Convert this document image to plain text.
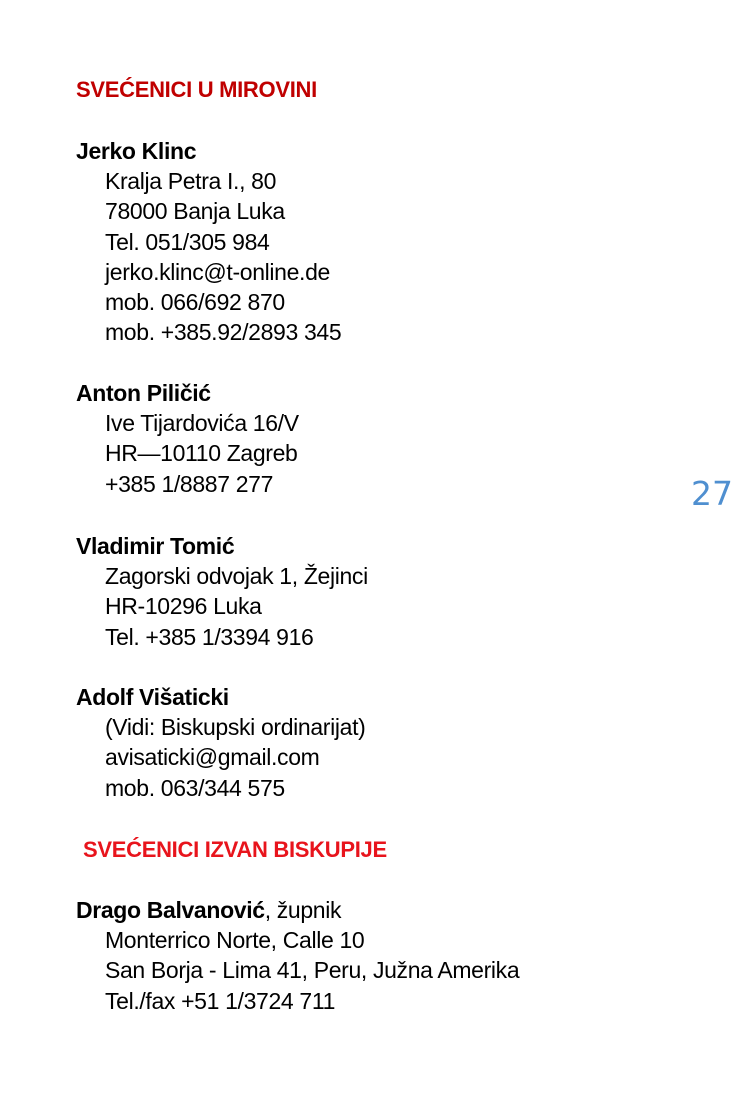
SVEĆENICI U MIROVINI
Jerko Klinc
Kralja Petra I., 80
78000 Banja Luka
Tel. 051/305 984
jerko.klinc@t-online.de
mob. 066/692 870
mob. +385.92/2893 345
Anton Piličić
Ive Tijardovića 16/V
HR—10110 Zagreb
+385 1/8887 277	27
Vladimir Tomić
Zagorski odvojak 1, Žejinci
HR-10296 Luka
Tel. +385 1/3394 916
Adolf Višaticki
(Vidi: Biskupski ordinarijat)
avisaticki@gmail.com
mob. 063/344 575
SVEĆENICI IZVAN BISKUPIJE
Drago Balvanović, župnik
Monterrico Norte, Calle 10
San Borja - Lima 41, Peru, Južna Amerika
Tel./fax +51 1/3724 711
